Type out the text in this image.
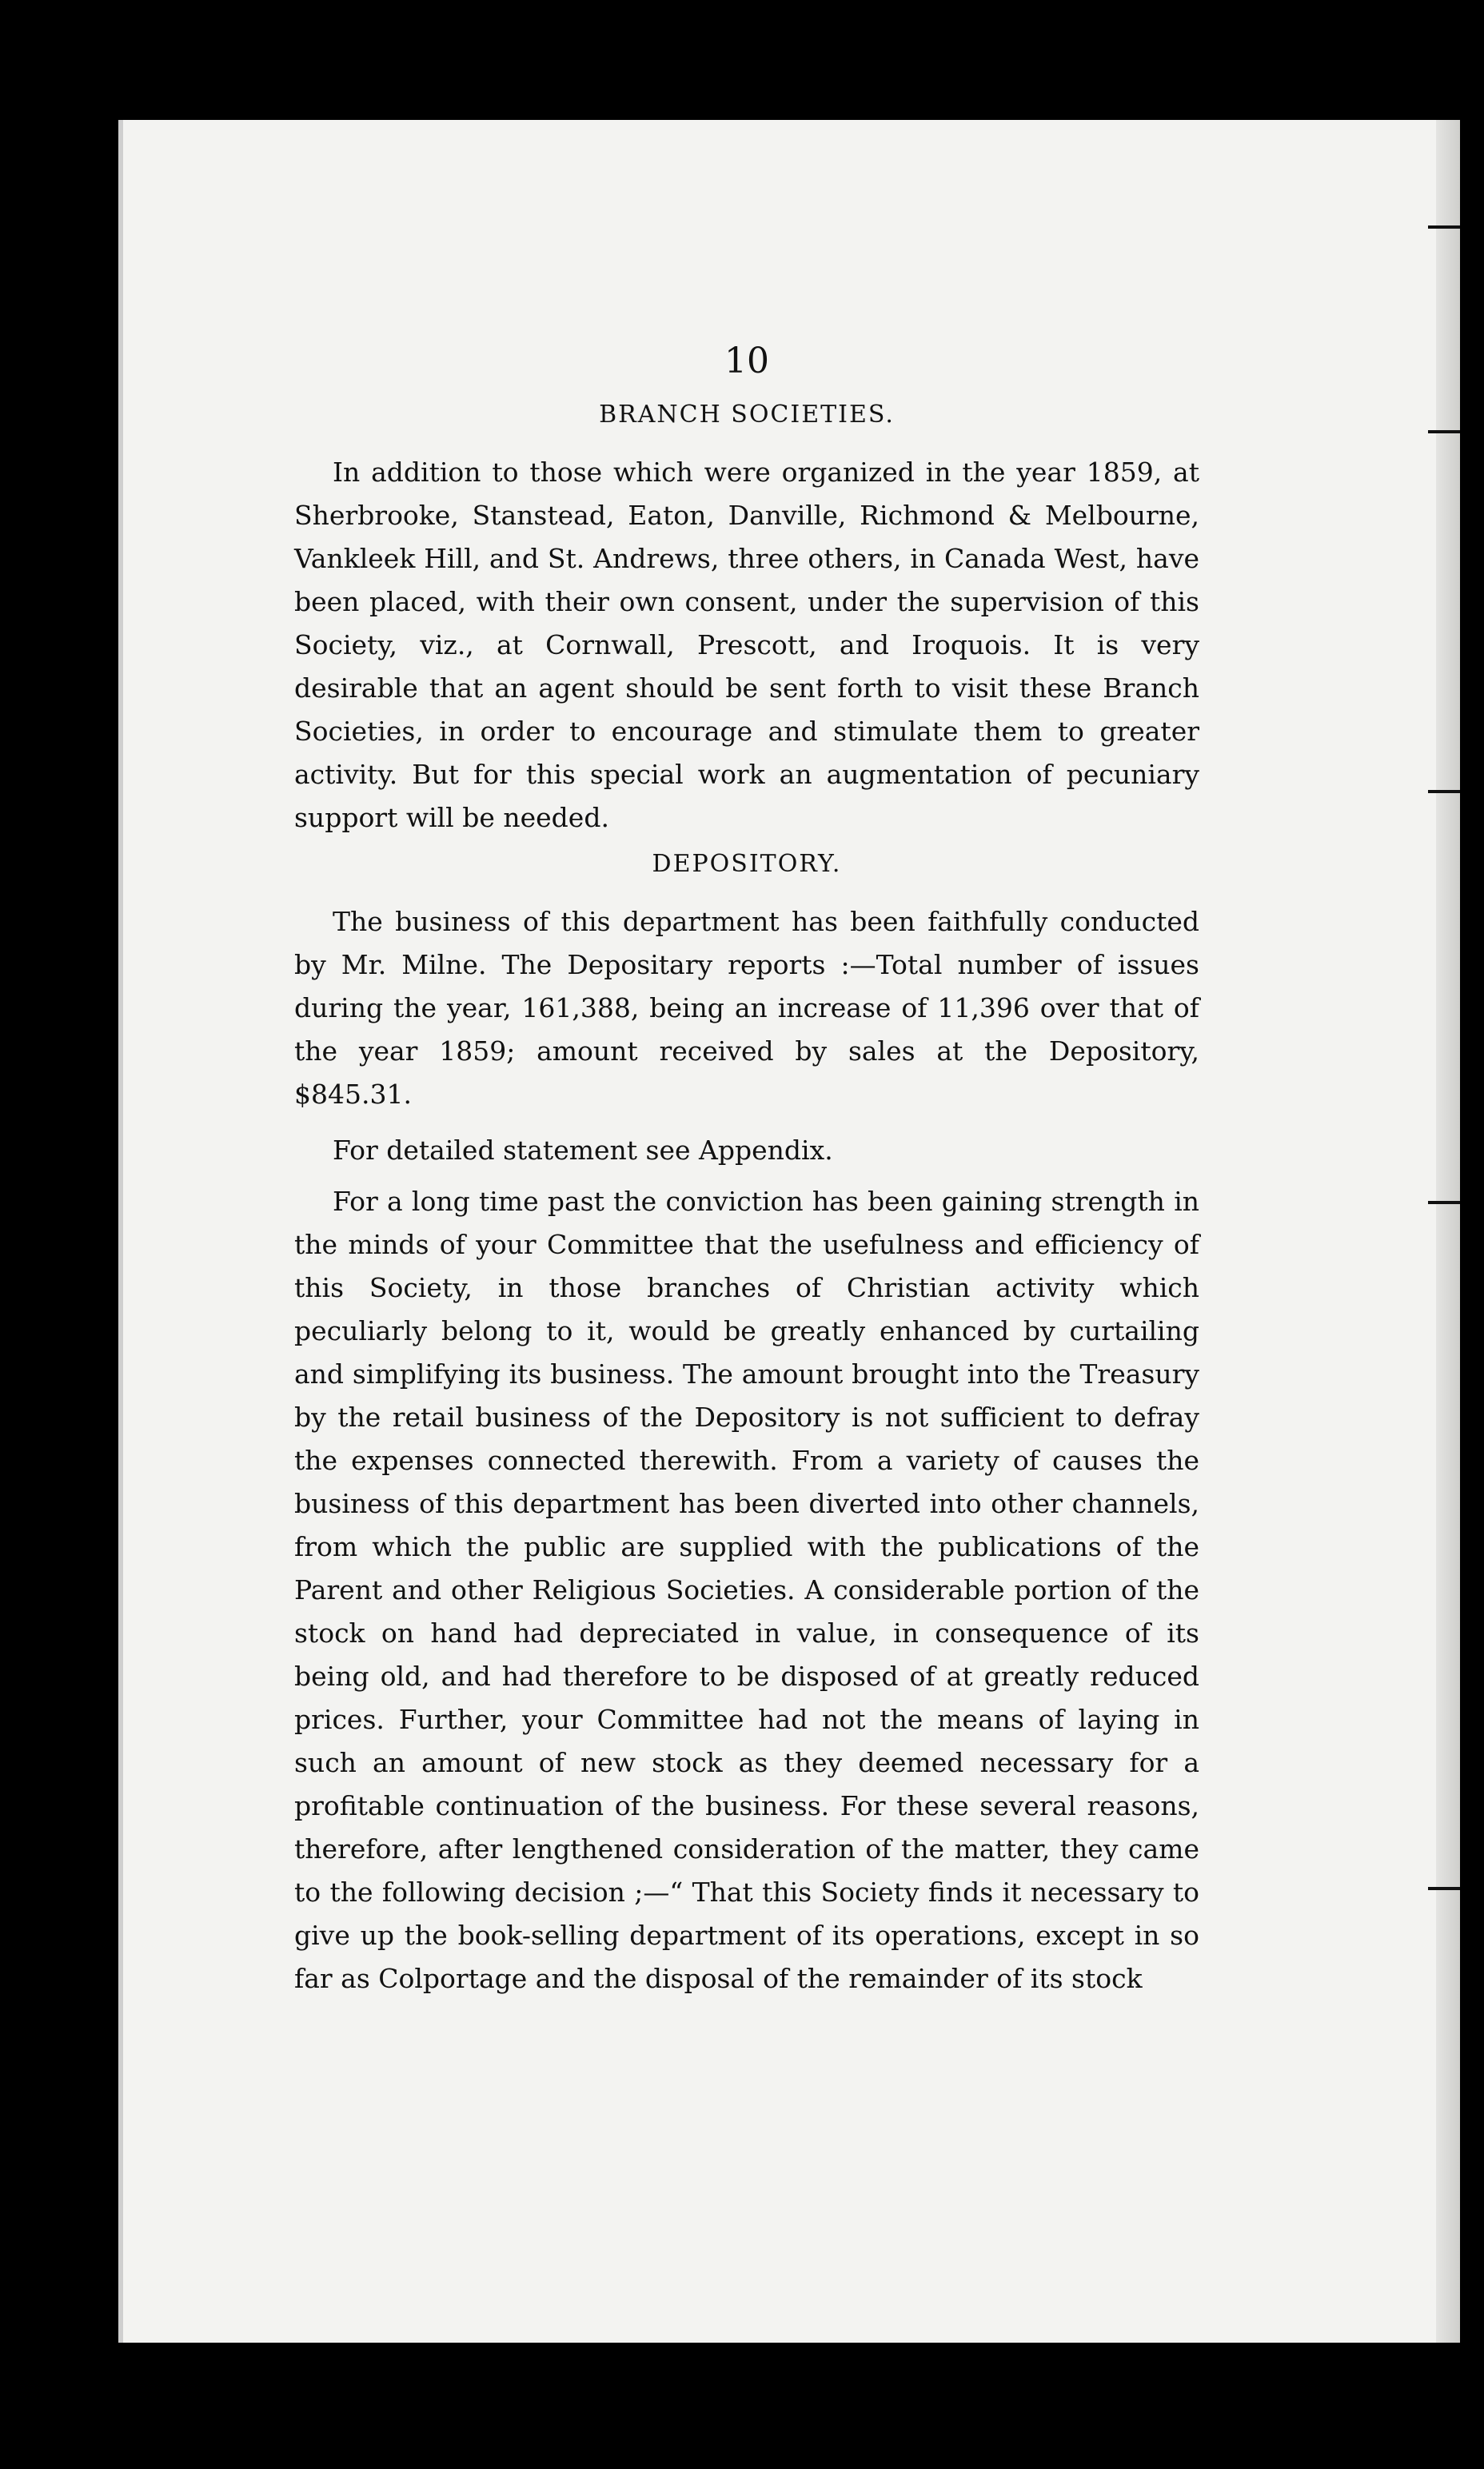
10
BRANCH SOCIETIES.

In addition to those which were organized in the year 1859, at Sherbrooke, Stanstead, Eaton, Danville, Richmond & Melbourne, Vankleek Hill, and St. Andrews, three others, in Canada West, have been placed, with their own consent, under the supervision of this Society, viz., at Cornwall, Prescott, and Iroquois. It is very desirable that an agent should be sent forth to visit these Branch Societies, in order to encourage and stimulate them to greater activity. But for this special work an augmentation of pecuniary support will be needed.

DEPOSITORY.

The business of this department has been faithfully conducted by Mr. Milne. The Depositary reports :—Total number of issues during the year, 161,388, being an increase of 11,396 over that of the year 1859; amount received by sales at the Depository, $845.31.

For detailed statement see Appendix.

For a long time past the conviction has been gaining strength in the minds of your Committee that the usefulness and efficiency of this Society, in those branches of Christian activity which peculiarly belong to it, would be greatly enhanced by curtailing and simplifying its business. The amount brought into the Treasury by the retail business of the Depository is not sufficient to defray the expenses connected therewith. From a variety of causes the business of this department has been diverted into other channels, from which the public are supplied with the publications of the Parent and other Religious Societies. A considerable portion of the stock on hand had depreciated in value, in consequence of its being old, and had therefore to be disposed of at greatly reduced prices. Further, your Committee had not the means of laying in such an amount of new stock as they deemed necessary for a profitable continuation of the business. For these several reasons, therefore, after lengthened consideration of the matter, they came to the following decision ;—“ That this Society finds it necessary to give up the book-selling department of its operations, except in so far as Colportage and the disposal of the remainder of its stock
